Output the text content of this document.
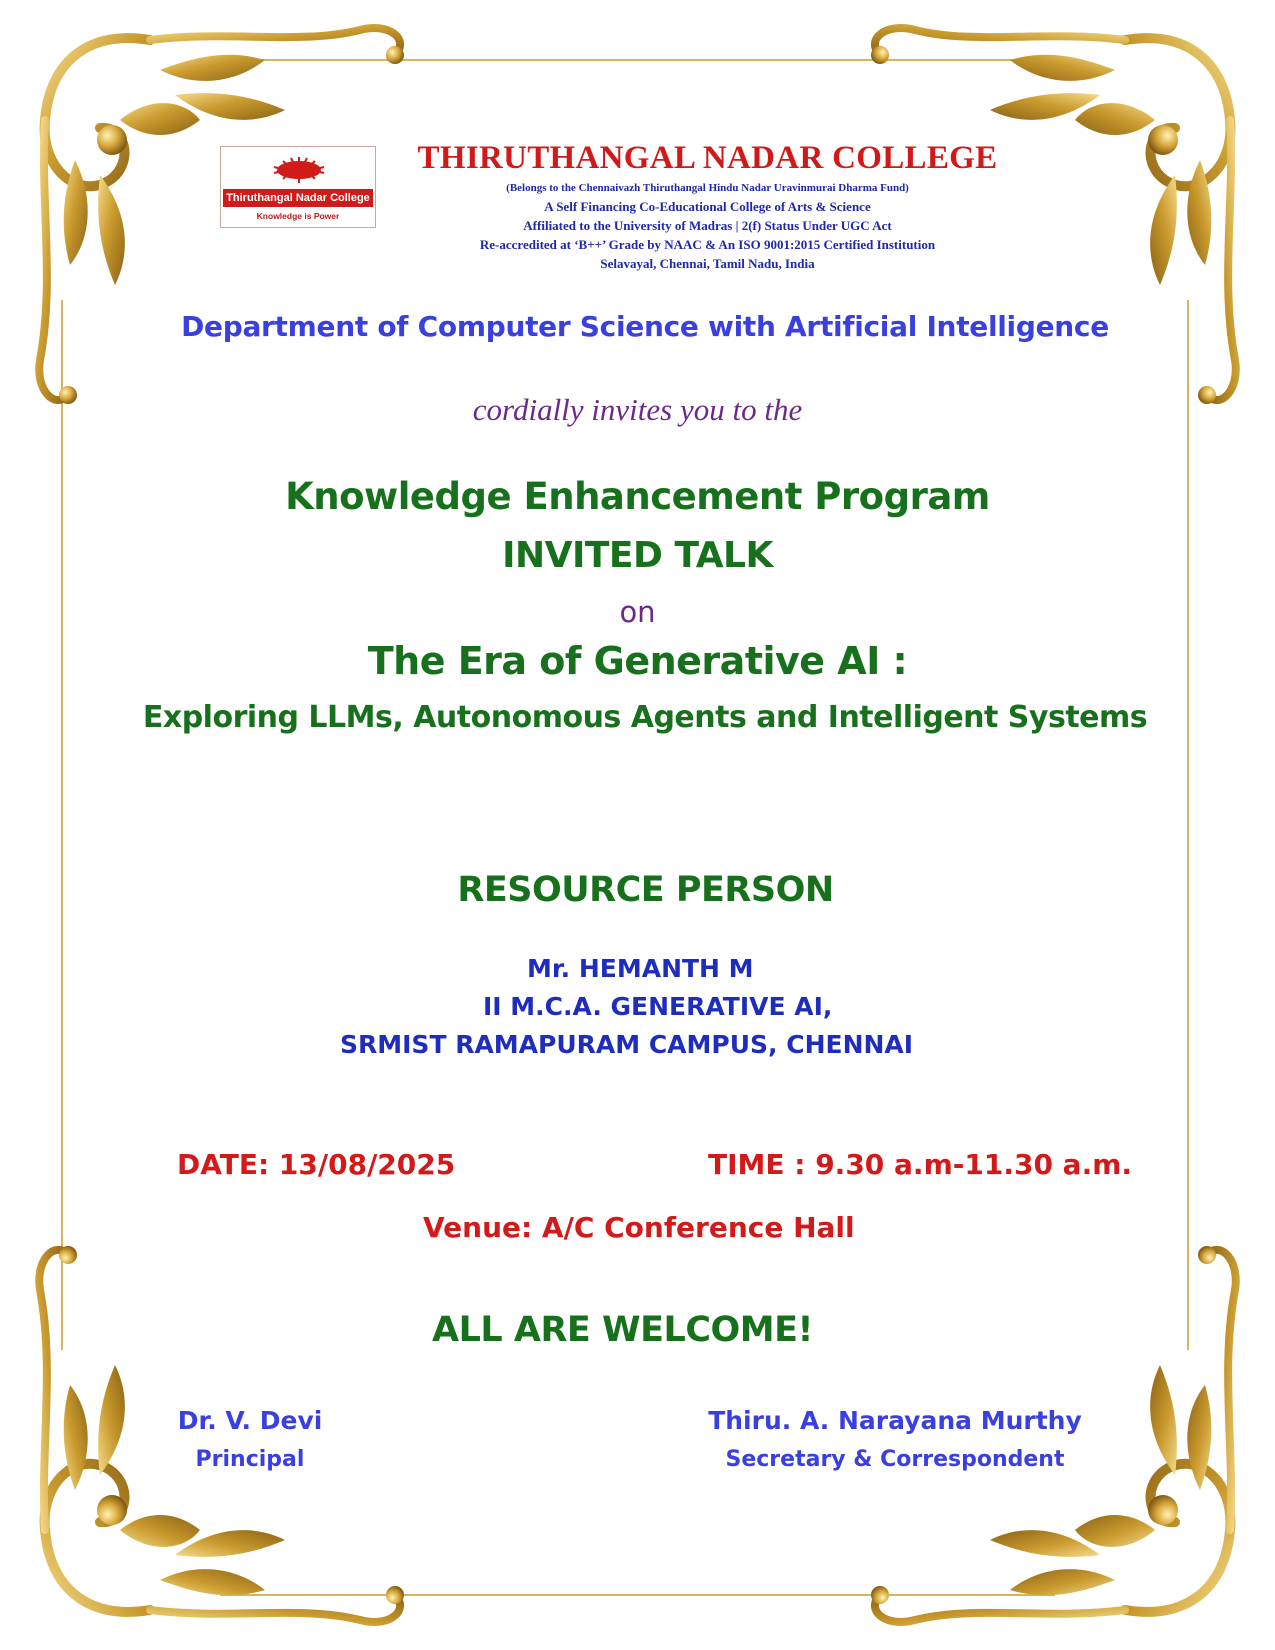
Thiruthangal Nadar College
Knowledge is Power
THIRUTHANGAL NADAR COLLEGE
(Belongs to the Chennaivazh Thiruthangal Hindu Nadar Uravinmurai Dharma Fund)
A Self Financing Co-Educational College of Arts & Science
Affiliated to the University of Madras | 2(f) Status Under UGC Act
Re-accredited at ‘B++’ Grade by NAAC & An ISO 9001:2015 Certified Institution
Selavayal, Chennai, Tamil Nadu, India
Department of Computer Science with Artificial Intelligence
cordially invites you to the
Knowledge Enhancement Program
INVITED TALK
on
The Era of Generative AI :
Exploring LLMs, Autonomous Agents and Intelligent Systems
RESOURCE PERSON
Mr. HEMANTH M
II M.C.A. GENERATIVE AI,
SRMIST RAMAPURAM CAMPUS, CHENNAI
DATE: 13/08/2025	TIME : 9.30 a.m-11.30 a.m.
Venue: A/C Conference Hall
ALL ARE WELCOME!
Dr. V. Devi
Principal
Thiru. A. Narayana Murthy
Secretary & Correspondent
